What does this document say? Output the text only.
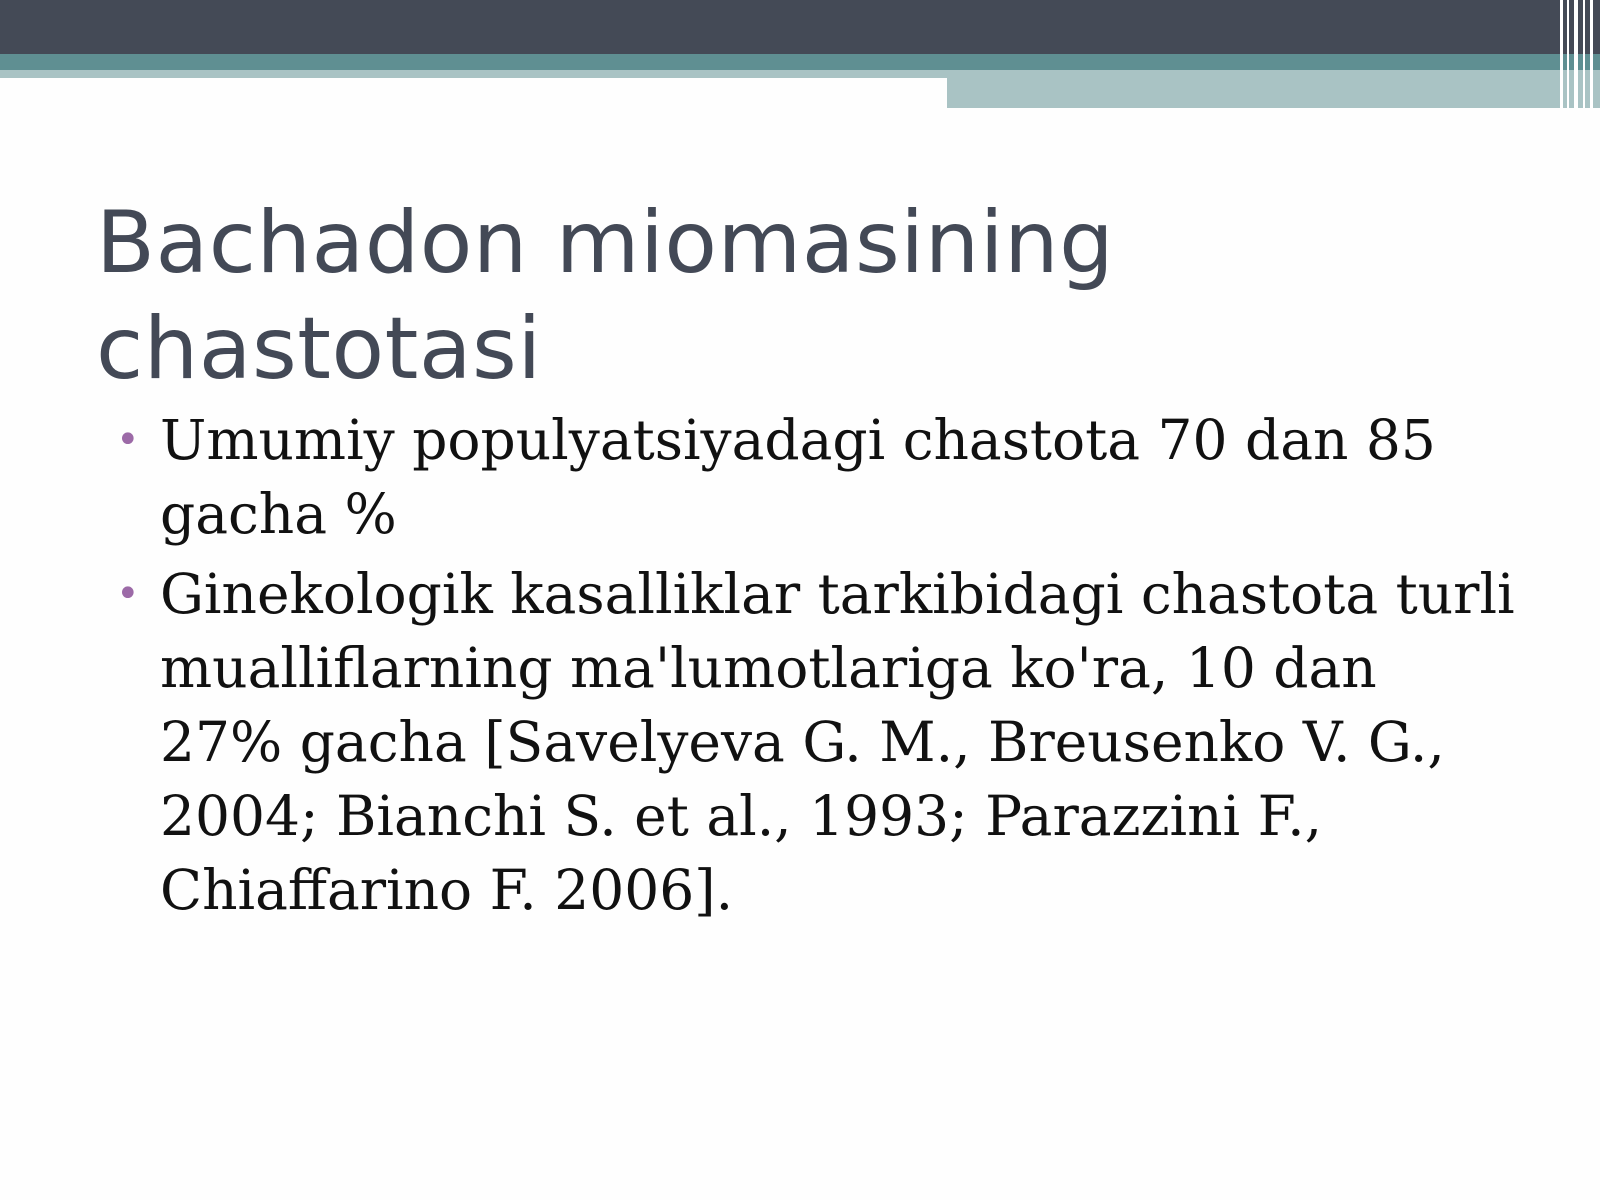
Bachadon miomasining chastotasi
• Umumiy populyatsiyadagi chastota 70 dan 85 gacha %
• Ginekologik kasalliklar tarkibidagi chastota turli mualliflarning ma'lumotlariga ko'ra, 10 dan 27% gacha [Savelyeva G. M., Breusenko V. G., 2004; Bianchi S. et al., 1993; Parazzini F., Chiaffarino F. 2006].
